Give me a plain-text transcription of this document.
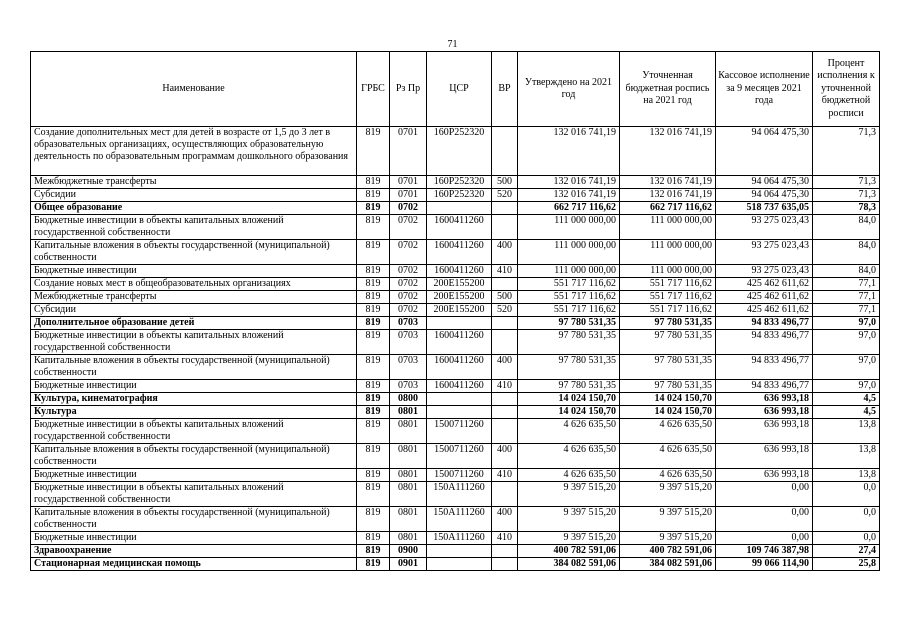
71
Наименование	ГРБС	Рз Пр	ЦСР	ВР	Утверждено на 2021 год	Уточненная бюджетная роспись на 2021 год	Кассовое исполнение за 9 месяцев 2021 года	Процент исполнения к уточненной бюджетной росписи
Создание дополнительных мест для детей в возрасте от 1,5 до 3 лет в образовательных организациях, осуществляющих образовательную деятельность по образовательным программам дошкольного образования	819	0701	160P252320		132 016 741,19	132 016 741,19	94 064 475,30	71,3
Межбюджетные трансферты	819	0701	160P252320	500	132 016 741,19	132 016 741,19	94 064 475,30	71,3
Субсидии	819	0701	160P252320	520	132 016 741,19	132 016 741,19	94 064 475,30	71,3
Общее образование	819	0702			662 717 116,62	662 717 116,62	518 737 635,05	78,3
Бюджетные инвестиции в объекты капитальных вложений государственной собственности	819	0702	1600411260		111 000 000,00	111 000 000,00	93 275 023,43	84,0
Капитальные вложения в объекты государственной (муниципальной) собственности	819	0702	1600411260	400	111 000 000,00	111 000 000,00	93 275 023,43	84,0
Бюджетные инвестиции	819	0702	1600411260	410	111 000 000,00	111 000 000,00	93 275 023,43	84,0
Создание новых мест в общеобразовательных организациях	819	0702	200E155200		551 717 116,62	551 717 116,62	425 462 611,62	77,1
Межбюджетные трансферты	819	0702	200E155200	500	551 717 116,62	551 717 116,62	425 462 611,62	77,1
Субсидии	819	0702	200E155200	520	551 717 116,62	551 717 116,62	425 462 611,62	77,1
Дополнительное образование детей	819	0703			97 780 531,35	97 780 531,35	94 833 496,77	97,0
Бюджетные инвестиции в объекты капитальных вложений государственной собственности	819	0703	1600411260		97 780 531,35	97 780 531,35	94 833 496,77	97,0
Капитальные вложения в объекты государственной (муниципальной) собственности	819	0703	1600411260	400	97 780 531,35	97 780 531,35	94 833 496,77	97,0
Бюджетные инвестиции	819	0703	1600411260	410	97 780 531,35	97 780 531,35	94 833 496,77	97,0
Культура, кинематография	819	0800			14 024 150,70	14 024 150,70	636 993,18	4,5
Культура	819	0801			14 024 150,70	14 024 150,70	636 993,18	4,5
Бюджетные инвестиции в объекты капитальных вложений государственной собственности	819	0801	1500711260		4 626 635,50	4 626 635,50	636 993,18	13,8
Капитальные вложения в объекты государственной (муниципальной) собственности	819	0801	1500711260	400	4 626 635,50	4 626 635,50	636 993,18	13,8
Бюджетные инвестиции	819	0801	1500711260	410	4 626 635,50	4 626 635,50	636 993,18	13,8
Бюджетные инвестиции в объекты капитальных вложений государственной собственности	819	0801	150A111260		9 397 515,20	9 397 515,20	0,00	0,0
Капитальные вложения в объекты государственной (муниципальной) собственности	819	0801	150A111260	400	9 397 515,20	9 397 515,20	0,00	0,0
Бюджетные инвестиции	819	0801	150A111260	410	9 397 515,20	9 397 515,20	0,00	0,0
Здравоохранение	819	0900			400 782 591,06	400 782 591,06	109 746 387,98	27,4
Стационарная медицинская помощь	819	0901			384 082 591,06	384 082 591,06	99 066 114,90	25,8
